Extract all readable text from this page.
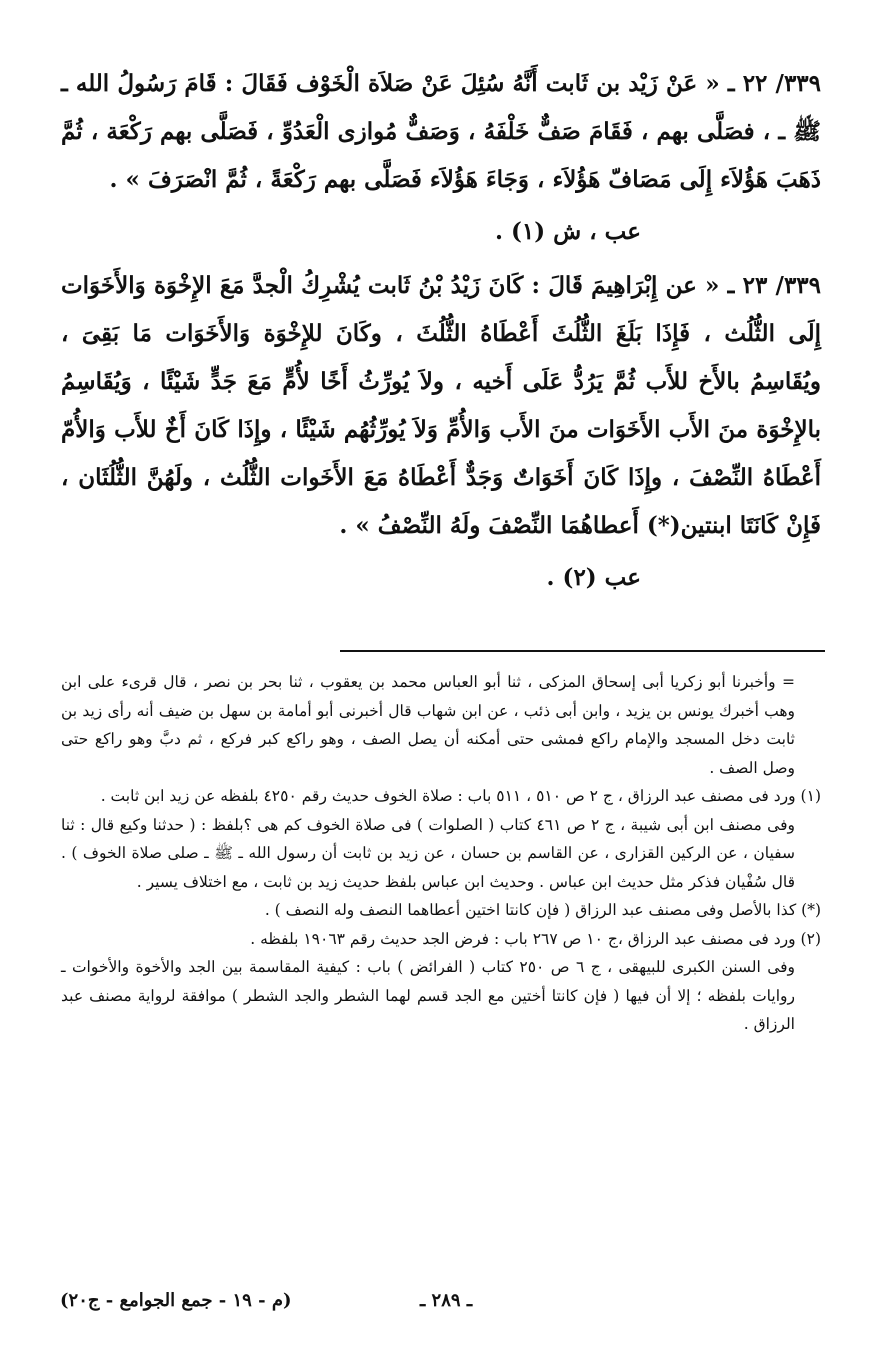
٣٣٩/ ٢٢ ـ « عَنْ زَيْد بن ثَابت أَنَّهُ سُئِلَ عَنْ صَلاَة الْخَوْف فَقَالَ : قَامَ رَسُولُ الله ـ ﷺ ـ ، فصَلَّى بهم ، فَقَامَ صَفٌّ خَلْفَهُ ، وَصَفٌّ مُوازى الْعَدُوِّ ، فَصَلَّى بهم رَكْعَة ، ثُمَّ ذَهَبَ هَؤُلاَء إِلَى مَصَافّ هَؤُلاَء ، وَجَاءَ هَؤُلاَء فَصَلَّى بهم رَكْعَةً ، ثُمَّ انْصَرَفَ » .

عب ، ش (١) .

٣٣٩/ ٢٣ ـ « عن إِبْرَاهِيمَ قَالَ : كَانَ زَيْدُ بْنُ ثَابت يُشْرِكُ الْجدَّ مَعَ الإِخْوَة وَالأَخَوَات إِلَى الثُّلُث ، فَإِذَا بَلَغَ الثُّلُثَ أَعْطَاهُ الثُّلُثَ ، وكَانَ للإِخْوَة وَالأَخَوَات مَا بَقِىَ ، ويُقَاسِمُ بالأَخ للأَب ثُمَّ يَرُدُّ عَلَى أَخيه ، ولاَ يُورِّثُ أَخًا لأُمٍّ مَعَ جَدٍّ شَيْئًا ، وَيُقَاسِمُ بالإِخْوَة منَ الأَب الأَخَوَات منَ الأَب وَالأُمِّ وَلاَ يُورِّثُهُم شَيْئًا ، وإِذَا كَانَ أَخٌ للأَب وَالأُمّ أَعْطَاهُ النِّصْفَ ، وإِذَا كَانَ أَخَوَاتٌ وَجَدٌّ أَعْطَاهُ مَعَ الأَخَوات الثُّلُث ، ولَهُنَّ الثُّلُثَان ، فَإِنْ كَانَتَا ابنتين(*) أَعطاهُمَا النِّصْفَ ولَهُ النِّصْفُ » .

عب (٢) .

= وأخبرنا أبو زكريا أبى إسحاق المزكى ، ثنا أبو العباس محمد بن يعقوب ، ثنا بحر بن نصر ، قال قرىء على ابن وهب أخبرك يونس بن يزيد ، وابن أبى ذئب ، عن ابن شهاب قال أخبرنى أبو أمامة بن سهل بن ضيف أنه رأى زيد بن ثابت دخل المسجد والإمام راكع فمشى حتى أمكنه أن يصل الصف ، وهو راكع كبر فركع ، ثم دبَّ وهو راكع حتى وصل الصف .

(١) ورد فى مصنف عبد الرزاق ، ج ٢ ص ٥١٠ ، ٥١١ باب : صلاة الخوف حديث رقم ٤٢٥٠ بلفظه عن زيد ابن ثابت .

وفى مصنف ابن أبى شيبة ، ج ٢ ص ٤٦١ كتاب ( الصلوات ) فى صلاة الخوف كم هى ؟بلفظ : ( حدثنا وكيع قال : ثنا سفيان ، عن الركين القزارى ، عن القاسم بن حسان ، عن زيد بن ثابت أن رسول الله ـ ﷺ ـ صلى صلاة الخوف ) . قال سُفْيان فذكر مثل حديث ابن عباس . وحديث ابن عباس بلفظ حديث زيد بن ثابت ، مع اختلاف يسير .

(*) كذا بالأصل وفى مصنف عبد الرزاق ( فإن كانتا اختين أعطاهما النصف وله النصف ) .

(٢) ورد فى مصنف عبد الرزاق ،ج ١٠ ص ٢٦٧ باب : فرض الجد حديث رقم ١٩٠٦٣ بلفظه .

وفى السنن الكبرى للبيهقى ، ج ٦ ص ٢٥٠ كتاب ( الفرائض ) باب : كيفية المقاسمة بين الجد والأخوة والأخوات ـ روايات بلفظه ؛ إلا أن فيها ( فإن كانتا أختين مع الجد قسم لهما الشطر والجد الشطر ) موافقة لرواية مصنف عبد الرزاق .

ـ ٢٨٩ ـ
(م - ١٩ - جمع الجوامع - ج٢٠)
